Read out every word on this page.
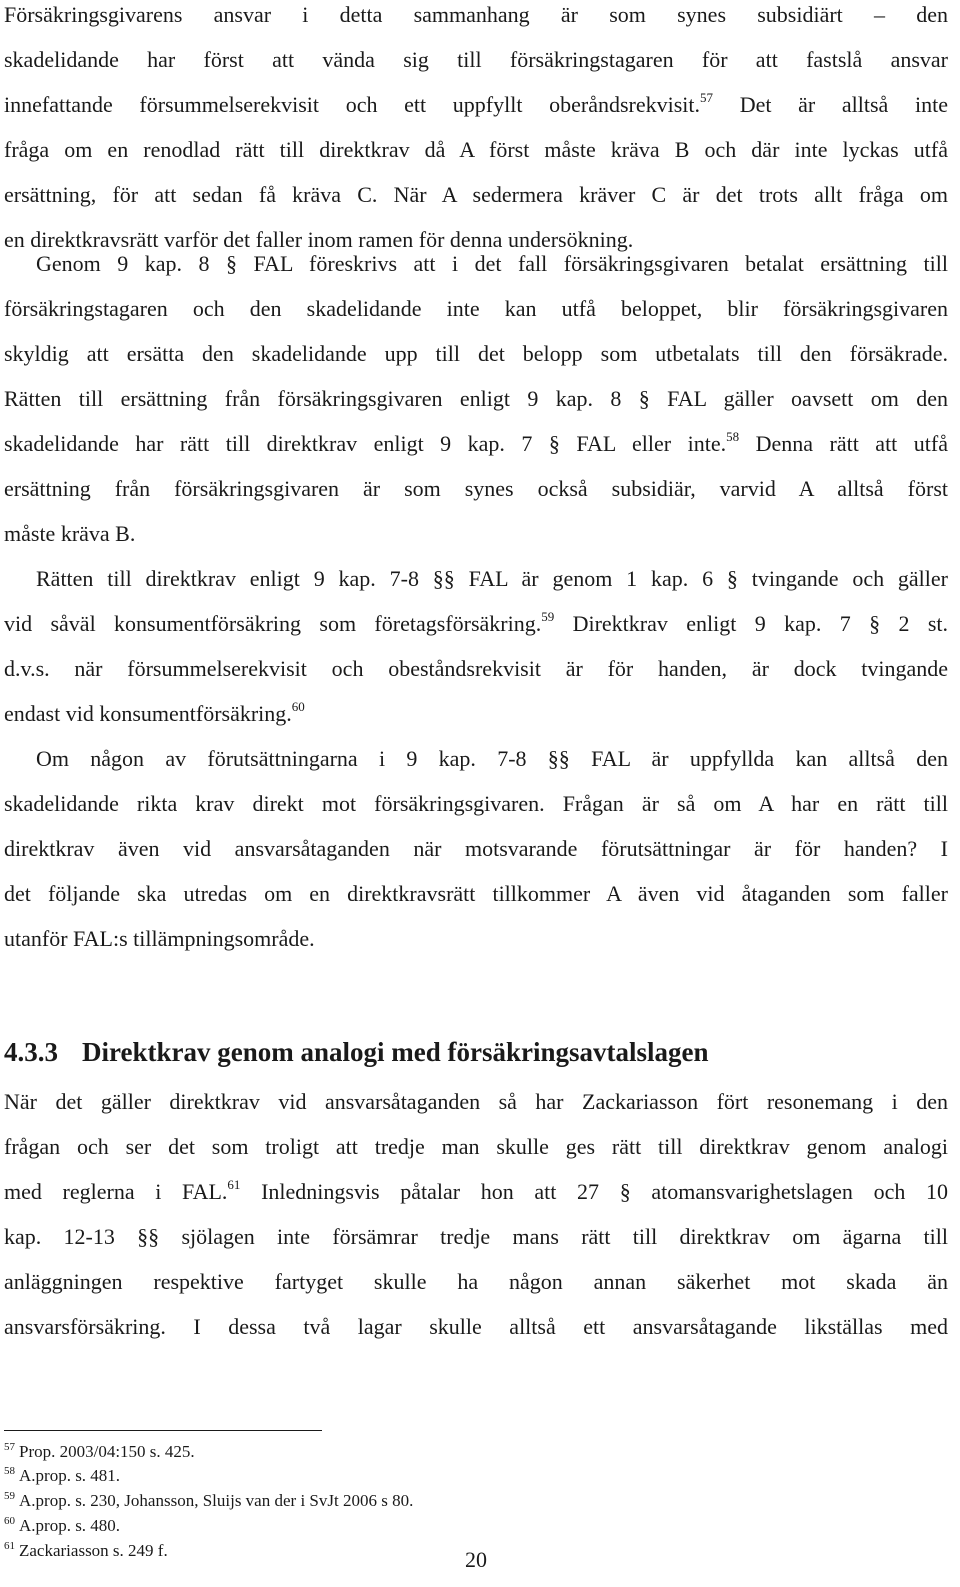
Försäkringsgivarens ansvar i detta sammanhang är som synes subsidiärt – den
skadelidande har först att vända sig till försäkringstagaren för att fastslå ansvar
innefattande försummelserekvisit och ett uppfyllt oberåndsrekvisit.$^{57}$ Det är alltså inte
fråga om en renodlad rätt till direktkrav då A först måste kräva B och där inte lyckas utfå
ersättning, för att sedan få kräva C. När A sedermera kräver C är det trots allt fråga om
en direktkravsrätt varför det faller inom ramen för denna undersökning.
Genom 9 kap. 8 § FAL föreskrivs att i det fall försäkringsgivaren betalat ersättning till
försäkringstagaren och den skadelidande inte kan utfå beloppet, blir försäkringsgivaren
skyldig att ersätta den skadelidande upp till det belopp som utbetalats till den försäkrade.
Rätten till ersättning från försäkringsgivaren enligt 9 kap. 8 § FAL gäller oavsett om den
skadelidande har rätt till direktkrav enligt 9 kap. 7 § FAL eller inte.$^{58}$ Denna rätt att utfå
ersättning från försäkringsgivaren är som synes också subsidiär, varvid A alltså först
måste kräva B.
Rätten till direktkrav enligt 9 kap. 7-8 §§ FAL är genom 1 kap. 6 § tvingande och gäller
vid såväl konsumentförsäkring som företagsförsäkring.$^{59}$ Direktkrav enligt 9 kap. 7 § 2 st.
d.v.s. när försummelserekvisit och obeståndsrekvisit är för handen, är dock tvingande
endast vid konsumentförsäkring.$^{60}$
Om någon av förutsättningarna i 9 kap. 7-8 §§ FAL är uppfyllda kan alltså den
skadelidande rikta krav direkt mot försäkringsgivaren. Frågan är så om A har en rätt till
direktkrav även vid ansvarsåtaganden när motsvarande förutsättningar är för handen? I
det följande ska utredas om en direktkravsrätt tillkommer A även vid åtaganden som faller
utanför FAL:s tillämpningsområde.
4.3.3 Direktkrav genom analogi med försäkringsavtalslagen
När det gäller direktkrav vid ansvarsåtaganden så har Zackariasson fört resonemang i den
frågan och ser det som troligt att tredje man skulle ges rätt till direktkrav genom analogi
med reglerna i FAL.$^{61}$ Inledningsvis påtalar hon att 27 § atomansvarighetslagen och 10
kap. 12-13 §§ sjölagen inte försämrar tredje mans rätt till direktkrav om ägarna till
anläggningen respektive fartyget skulle ha någon annan säkerhet mot skada än
ansvarsförsäkring. I dessa två lagar skulle alltså ett ansvarsåtagande likställas med
$^{57}$ Prop. 2003/04:150 s. 425.
$^{58}$ A.prop. s. 481.
$^{59}$ A.prop. s. 230, Johansson, Sluijs van der i SvJt 2006 s 80.
$^{60}$ A.prop. s. 480.
$^{61}$ Zackariasson s. 249 f.	20
